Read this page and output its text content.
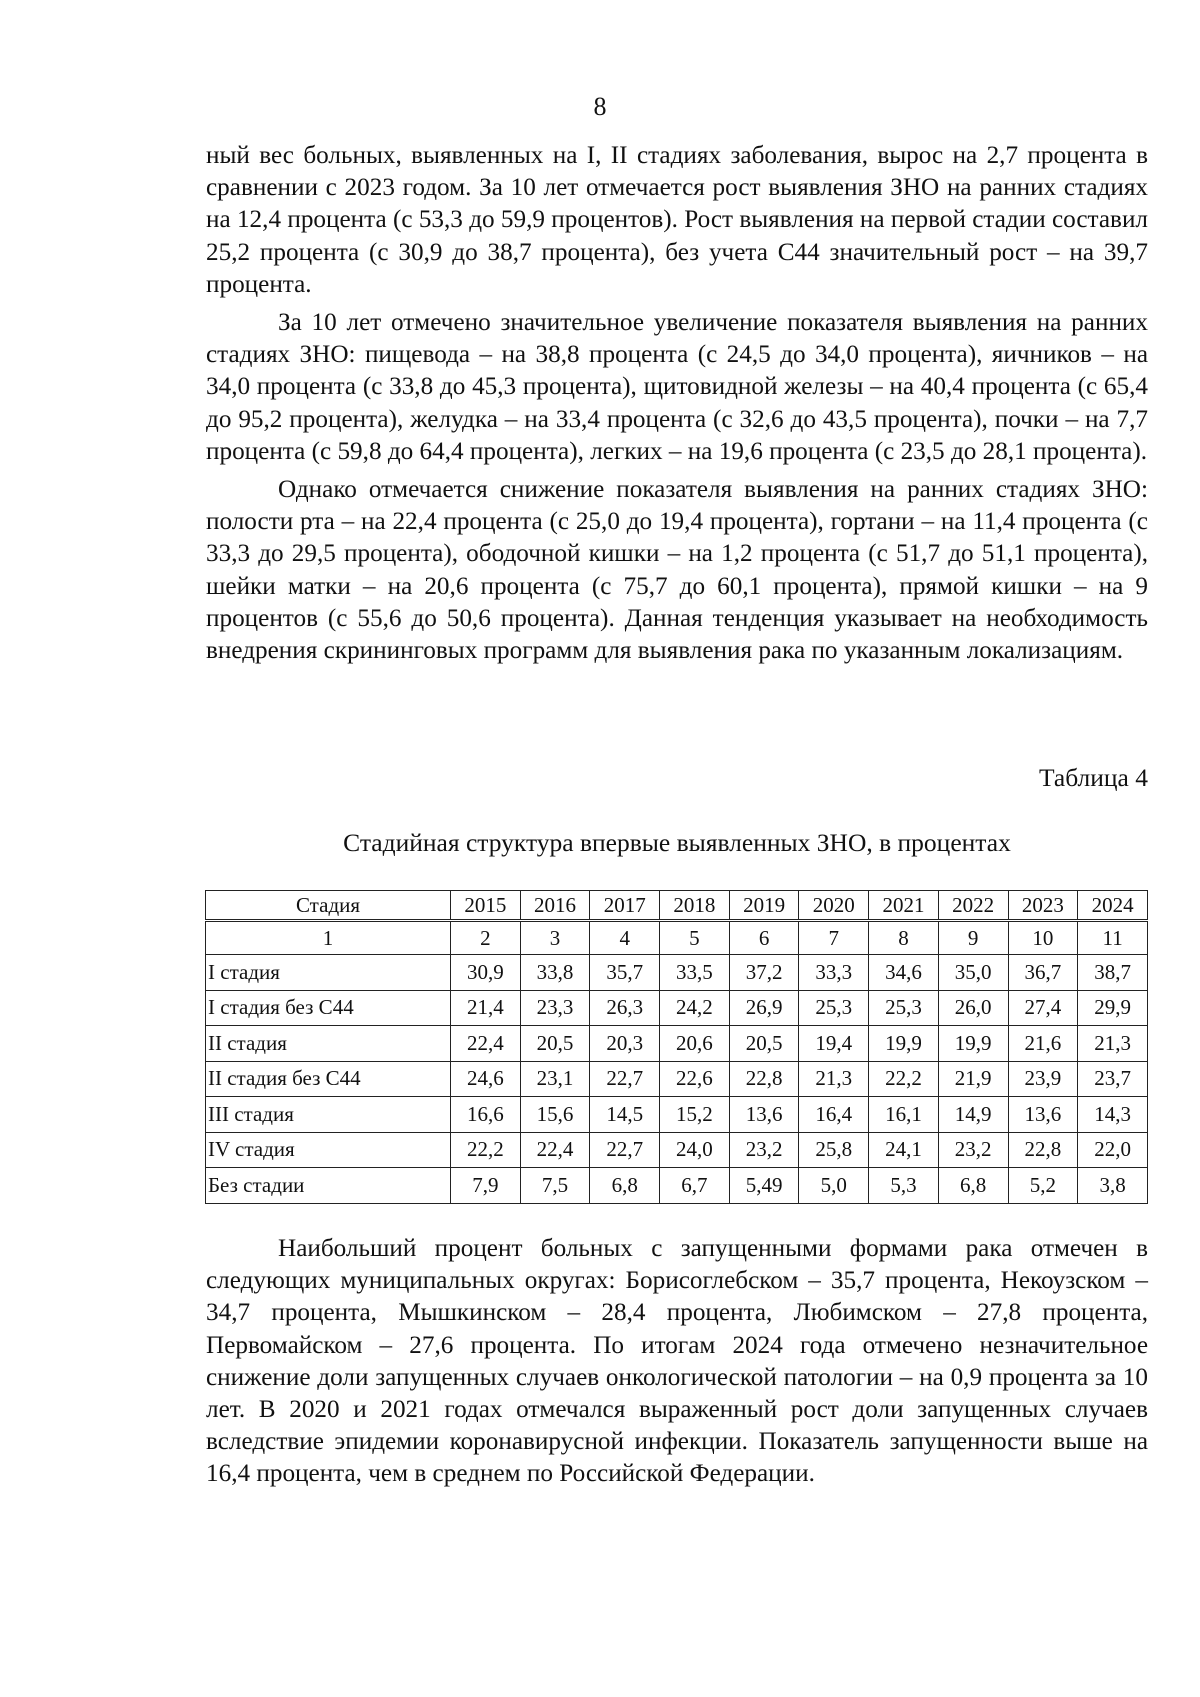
8

ный вес больных, выявленных на I, II стадиях заболевания, вырос на 2,7 процента в сравнении с 2023 годом. За 10 лет отмечается рост выявления ЗНО на ранних стадиях на 12,4 процента (с 53,3 до 59,9 процентов). Рост выявления на первой стадии составил 25,2 процента (с 30,9 до 38,7 процента), без учета С44 значительный рост – на 39,7 процента.

За 10 лет отмечено значительное увеличение показателя выявления на ранних стадиях ЗНО: пищевода – на 38,8 процента (с 24,5 до 34,0 процента), яичников – на 34,0 процента (с 33,8 до 45,3 процента), щитовидной железы – на 40,4 процента (с 65,4 до 95,2 процента), желудка – на 33,4 процента (с 32,6 до 43,5 процента), почки – на 7,7 процента (с 59,8 до 64,4 процента), легких – на 19,6 процента (с 23,5 до 28,1 процента).

Однако отмечается снижение показателя выявления на ранних стадиях ЗНО: полости рта – на 22,4 процента (с 25,0 до 19,4 процента), гортани – на 11,4 процента (с 33,3 до 29,5 процента), ободочной кишки – на 1,2 процента (с 51,7 до 51,1 процента), шейки матки – на 20,6 процента (с 75,7 до 60,1 процента), прямой кишки – на 9 процентов (с 55,6 до 50,6 процента). Данная тенденция указывает на необходимость внедрения скрининговых программ для выявления рака по указанным локализациям.

Таблица 4
Стадийная структура впервые выявленных ЗНО, в процентах
Стадия	2015	2016	2017	2018	2019	2020	2021	2022	2023	2024
1	2	3	4	5	6	7	8	9	10	11
I стадия	30,9	33,8	35,7	33,5	37,2	33,3	34,6	35,0	36,7	38,7
I стадия без С44	21,4	23,3	26,3	24,2	26,9	25,3	25,3	26,0	27,4	29,9
II стадия	22,4	20,5	20,3	20,6	20,5	19,4	19,9	19,9	21,6	21,3
II стадия без С44	24,6	23,1	22,7	22,6	22,8	21,3	22,2	21,9	23,9	23,7
III стадия	16,6	15,6	14,5	15,2	13,6	16,4	16,1	14,9	13,6	14,3
IV стадия	22,2	22,4	22,7	24,0	23,2	25,8	24,1	23,2	22,8	22,0
Без стадии	7,9	7,5	6,8	6,7	5,49	5,0	5,3	6,8	5,2	3,8

Наибольший процент больных с запущенными формами рака отмечен в следующих муниципальных округах: Борисоглебском – 35,7 процента, Некоузском – 34,7 процента, Мышкинском – 28,4 процента, Любимском – 27,8 процента, Первомайском – 27,6 процента. По итогам 2024 года отмечено незначительное снижение доли запущенных случаев онкологической патологии – на 0,9 процента за 10 лет. В 2020 и 2021 годах отмечался выраженный рост доли запущенных случаев вследствие эпидемии коронавирусной инфекции. Показатель запущенности выше на 16,4 процента, чем в среднем по Российской Федерации.
